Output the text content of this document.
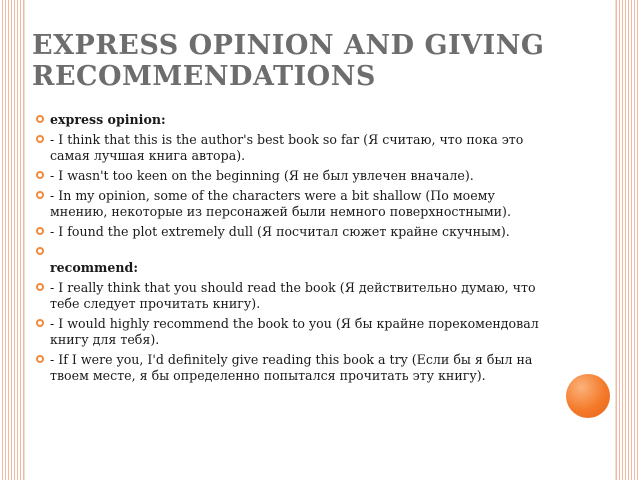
EXPRESS OPINION AND GIVING RECOMMENDATIONS
express opinion:
- I think that this is the author's best book so far (Я считаю, что пока это самая лучшая книга автора).
- I wasn't too keen on the beginning (Я не был увлечен вначале).
- In my opinion, some of the characters were a bit shallow (По моему мнению, некоторые из персонажей были немного поверхностными).
- I found the plot extremely dull (Я посчитал сюжет крайне скучным).
recommend:
- I really think that you should read the book (Я действительно думаю, что тебе следует прочитать книгу).
- I would highly recommend the book to you (Я бы крайне порекомендовал книгу для тебя).
- If I were you, I'd definitely give reading this book a try (Если бы я был на твоем месте, я бы определенно попытался прочитать эту книгу).
